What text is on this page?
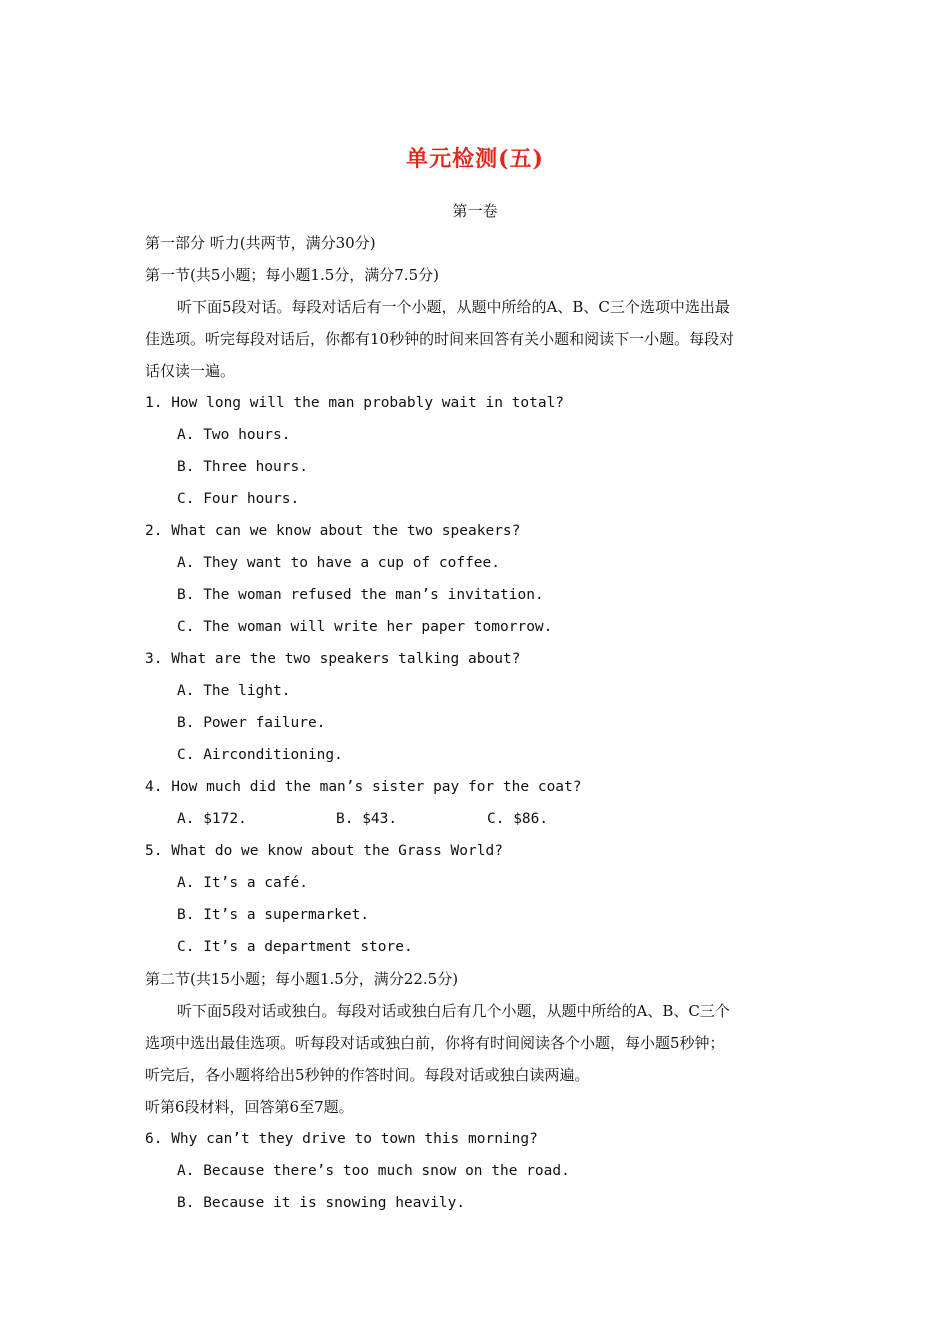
单元检测(五)
第一卷
第一部分 听力(共两节，满分30分)
第一节(共5小题；每小题1.5分，满分7.5分)
听下面5段对话。每段对话后有一个小题，从题中所给的A、B、C三个选项中选出最
佳选项。听完每段对话后，你都有10秒钟的时间来回答有关小题和阅读下一小题。每段对
话仅读一遍。
1. How long will the man probably wait in total?
A. Two hours.
B. Three hours.
C. Four hours.
2. What can we know about the two speakers?
A. They want to have a cup of coffee.
B. The woman refused the man’s invitation.
C. The woman will write her paper tomorrow.
3. What are the two speakers talking about?
A. The light.
B. Power failure.
C. Airconditioning.
4. How much did the man’s sister pay for the coat?
A. $172.	B. $43.	C. $86.
5. What do we know about the Grass World?
A. It’s a café.
B. It’s a supermarket.
C. It’s a department store.
第二节(共15小题；每小题1.5分，满分22.5分)
听下面5段对话或独白。每段对话或独白后有几个小题，从题中所给的A、B、C三个
选项中选出最佳选项。听每段对话或独白前，你将有时间阅读各个小题，每小题5秒钟；
听完后，各小题将给出5秒钟的作答时间。每段对话或独白读两遍。
听第6段材料，回答第6至7题。
6. Why can’t they drive to town this morning?
A. Because there’s too much snow on the road.
B. Because it is snowing heavily.
